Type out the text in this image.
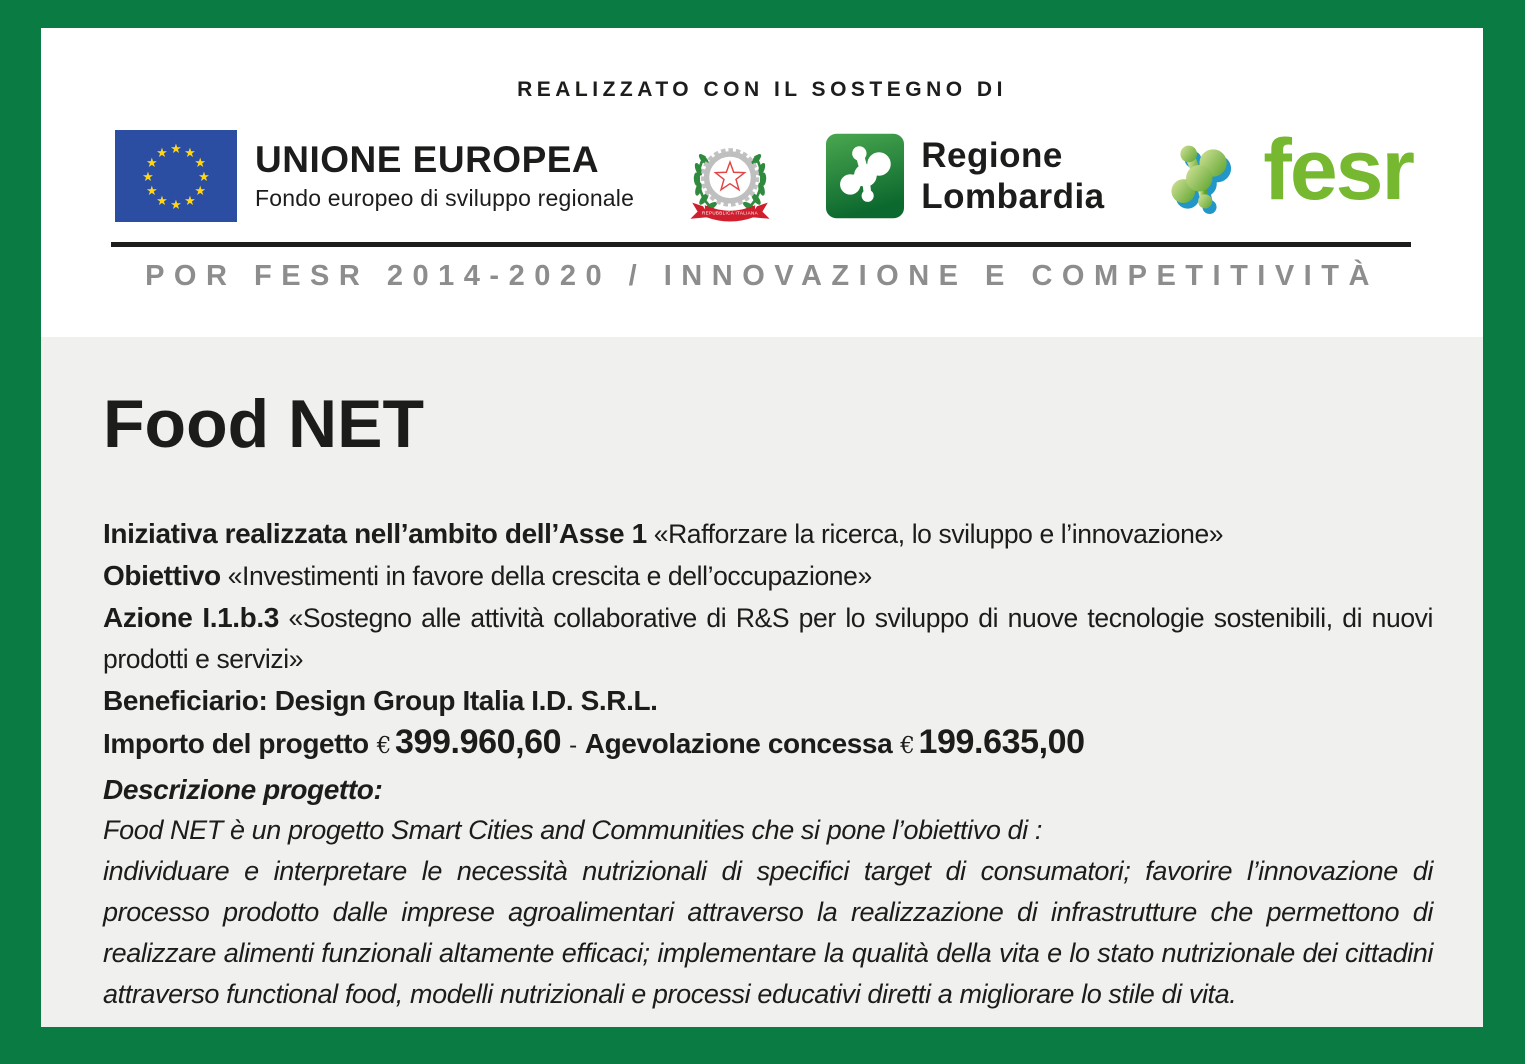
REALIZZATO CON IL SOSTEGNO DI
★ ★
★
★
★
★
★
★
★
★
★
★ UNIONE EUROPEA
Fondo europeo di sviluppo regionale
REPUBBLICA ITALIANA
Regione
Lombardia fesr
POR FESR 2014-2020 / INNOVAZIONE E COMPETITIVITÀ
Food NET

Iniziativa realizzata nell’ambito dell’Asse 1 «Rafforzare la ricerca, lo sviluppo e l’innovazione»

Obiettivo «Investimenti in favore della crescita e dell’occupazione»

Azione I.1.b.3 «Sostegno alle attività collaborative di R&S per lo sviluppo di nuove tecnologie sostenibili, di nuovi prodotti e servizi»

Beneficiario: Design Group Italia I.D. S.R.L.

Importo del progetto € 399.960,60 - Agevolazione concessa € 199.635,00

Descrizione progetto:

Food NET è un progetto Smart Cities and Communities che si pone l’obiettivo di :

individuare e interpretare le necessità nutrizionali di specifici target di consumatori; favorire l’innovazione di processo prodotto dalle imprese agroalimentari attraverso la realizzazione di infrastrutture che permettono di realizzare alimenti funzionali altamente efficaci; implementare la qualità della vita e lo stato nutrizionale dei cittadini attraverso functional food, modelli nutrizionali e processi educativi diretti a migliorare lo stile di vita.
